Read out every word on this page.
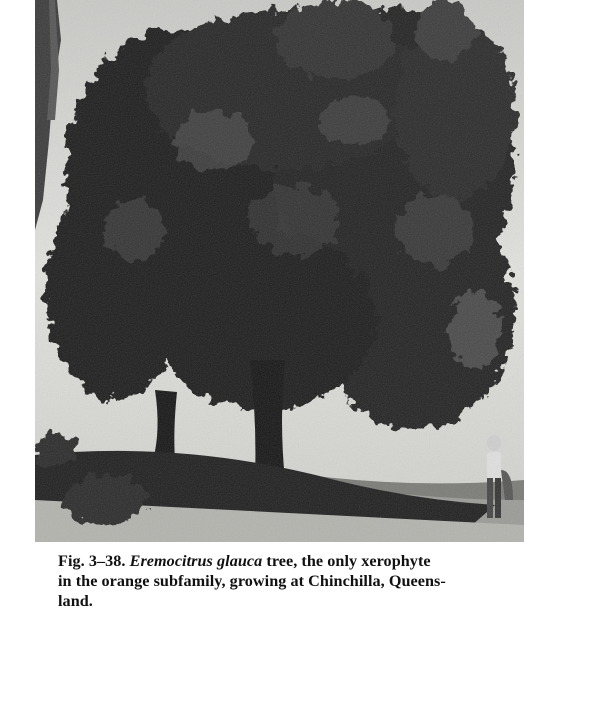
Fig. 3–38. Eremocitrus glauca tree, the only xerophyte
in the orange subfamily, growing at Chinchilla, Queens-
land.
